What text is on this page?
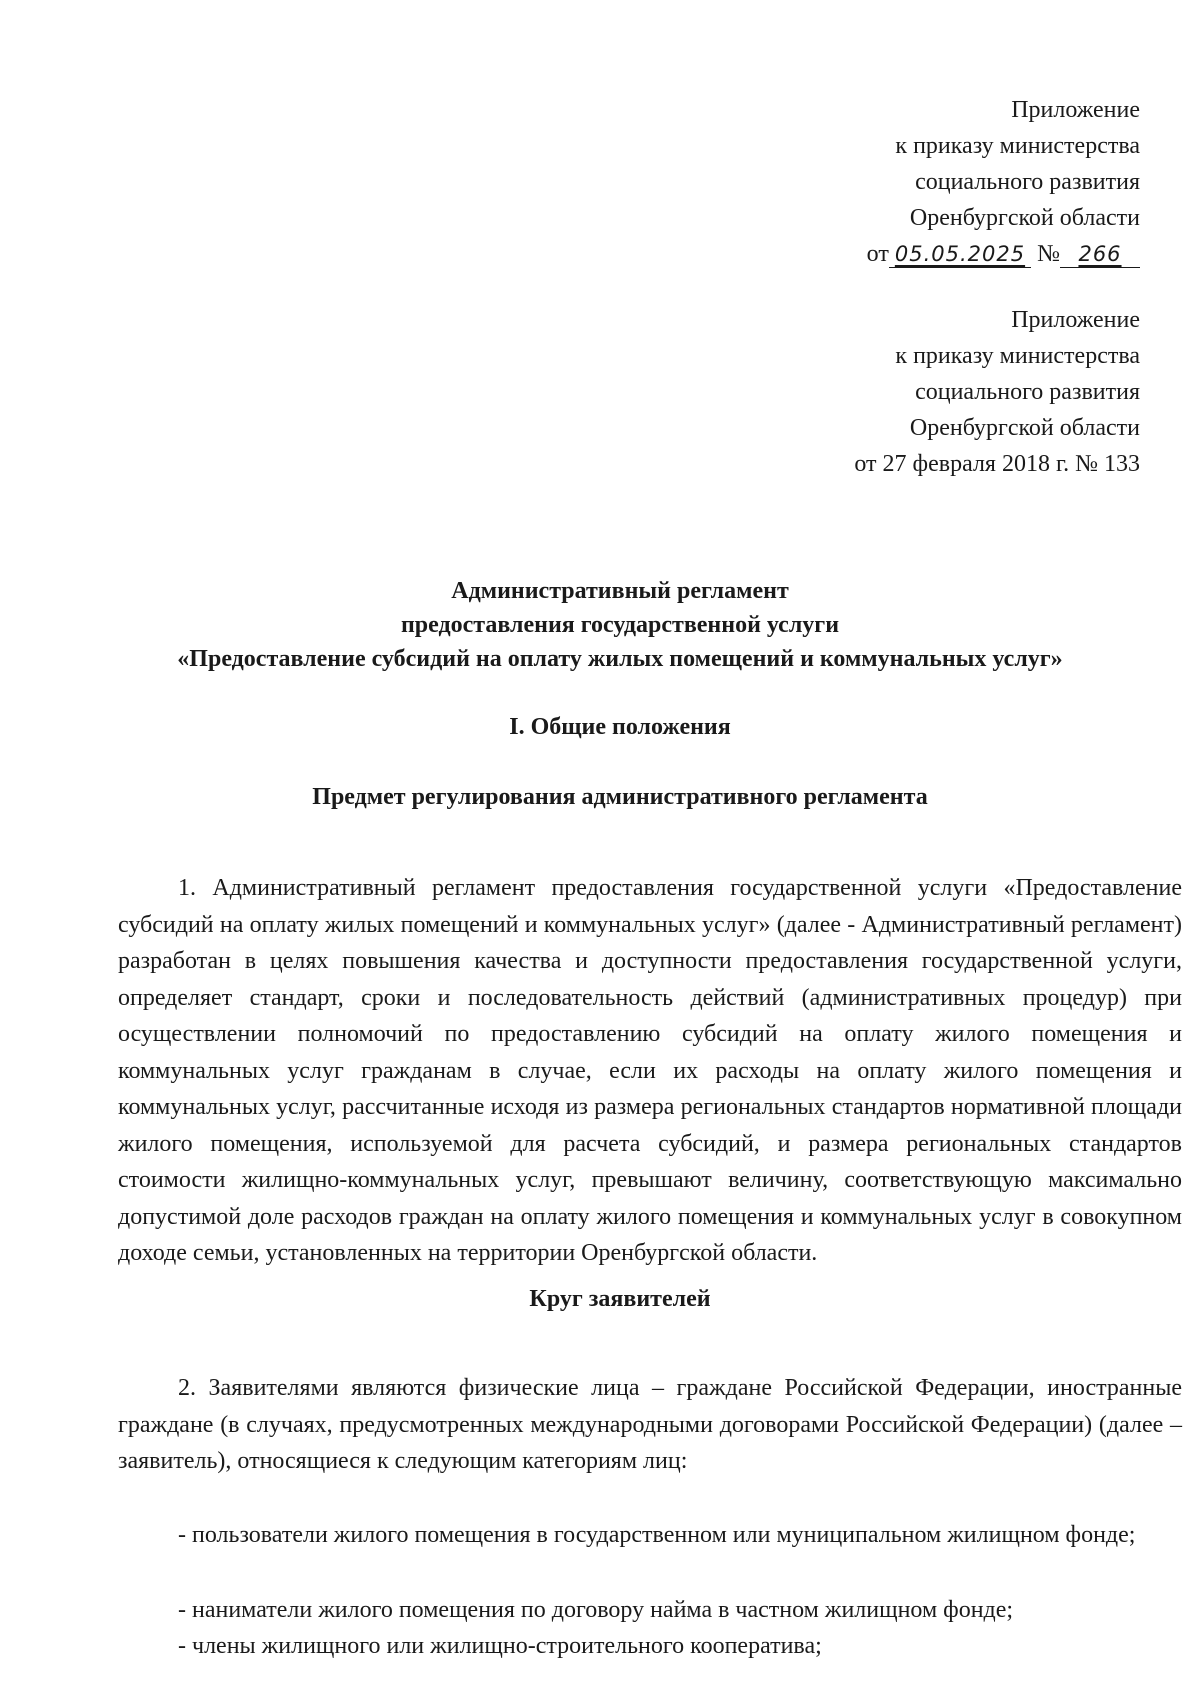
Приложение
к приказу министерства
социального развития
Оренбургской области
от 05.05.2025 № 266
Приложение
к приказу министерства
социального развития
Оренбургской области
от 27 февраля 2018 г. № 133
Административный регламент
предоставления государственной услуги
«Предоставление субсидий на оплату жилых помещений и коммунальных услуг»
I. Общие положения
Предмет регулирования административного регламента

1. Административный регламент предоставления государственной услуги «Предоставление субсидий на оплату жилых помещений и коммунальных услуг» (далее - Административный регламент) разработан в целях повышения качества и доступности предоставления государственной услуги, определяет стандарт, сроки и последовательность действий (административных процедур) при осуществлении полномочий по предоставлению субсидий на оплату жилого помещения и коммунальных услуг гражданам в случае, если их расходы на оплату жилого помещения и коммунальных услуг, рассчитанные исходя из размера региональных стандартов нормативной площади жилого помещения, используемой для расчета субсидий, и размера региональных стандартов стоимости жилищно-коммунальных услуг, превышают величину, соответствующую максимально допустимой доле расходов граждан на оплату жилого помещения и коммунальных услуг в совокупном доходе семьи, установленных на территории Оренбургской области.

Круг заявителей

2. Заявителями являются физические лица – граждане Российской Федерации, иностранные граждане (в случаях, предусмотренных международными договорами Российской Федерации) (далее – заявитель), относящиеся к следующим категориям лиц:

- пользователи жилого помещения в государственном или муниципальном жилищном фонде;

- наниматели жилого помещения по договору найма в частном жилищном фонде;

- члены жилищного или жилищно-строительного кооператива;
